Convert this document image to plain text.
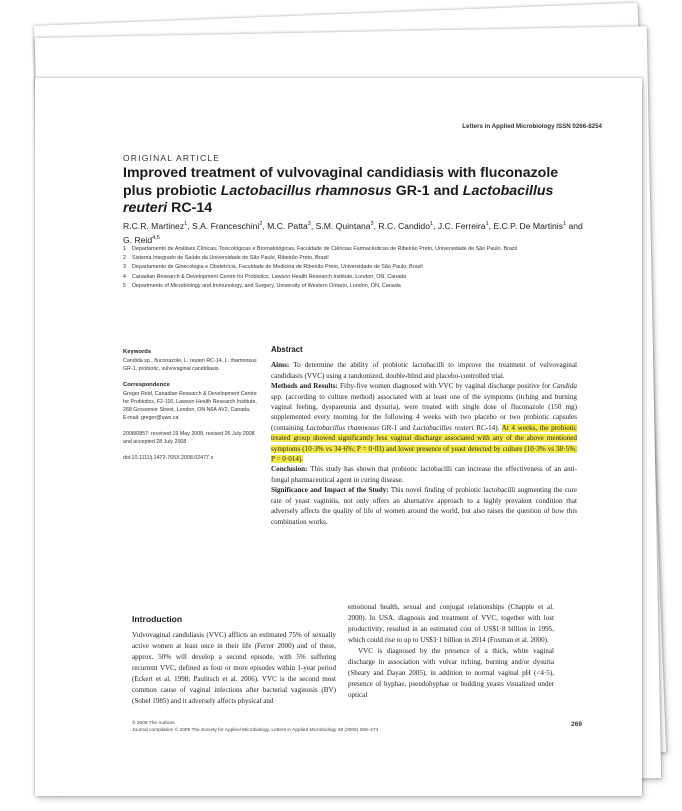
Letters in Applied Microbiology ISSN 0266-8254
ORIGINAL ARTICLE
Improved treatment of vulvovaginal candidiasis with fluconazole plus probiotic Lactobacillus rhamnosus GR-1 and Lactobacillus reuteri RC-14
R.C.R. Martinez$^1$, S.A. Franceschini$^2$, M.C. Patta$^3$, S.M. Quintana$^3$, R.C. Candido$^1$, J.C. Ferreira$^1$, E.C.P. De Martinis$^1$ and G. Reid$^{4,5}$
1	Departamento de Análises Clínicas, Toxicológicas e Bromatológicas, Faculdade de Ciências Farmacêuticas de Ribeirão Preto, Universidade de São Paulo, Brazil
2	Sistema Integrado de Saúde da Universidade de São Paulo, Ribeirão Preto, Brazil
3	Departamento de Ginecologia e Obstetrícia, Faculdade de Medicina de Ribeirão Preto, Universidade de São Paulo, Brazil
4	Canadian Research & Development Centre for Probiotics, Lawson Health Research Institute, London, ON, Canada
5	Departments of Microbiology and Immunology, and Surgery, University of Western Ontario, London, ON, Canada
Keywords

Candida sp., fluconazole, L. reuteri RC-14, L. rhamnosus GR-1, probiotic, vulvovaginal candidiasis.

Correspondence

Gregor Reid, Canadian Research & Development Centre for Probiotics, F2-116, Lawson Health Research Institute, 268 Grosvenor Street, London, ON N6A 4V2, Canada.
E-mail: gregor@uwo.ca

2008/0857: received 19 May 2008, revised 26 July 2008 and accepted 28 July 2008

doi:10.1111/j.1472-765X.2008.02477.x

Abstract

Aims: To determine the ability of probiotic lactobacilli to improve the treatment of vulvovaginal candidiasis (VVC) using a randomized, double-blind and placebo-controlled trial.

Methods and Results: Fifty-five women diagnosed with VVC by vaginal discharge positive for Candida spp. (according to culture method) associated with at least one of the symptoms (itching and burning vaginal feeling, dyspareunia and dysuria), were treated with single dose of fluconazole (150 mg) supplemented every morning for the following 4 weeks with two placebo or two probiotic capsules (containing Lactobacillus rhamnosus GR-1 and Lactobacillus reuteri RC-14). At 4 weeks, the probiotic treated group showed significantly less vaginal discharge associated with any of the above mentioned symptoms (10·3% vs 34·6%; P = 0·03) and lower presence of yeast detected by culture (10·3% vs 38·5%; P = 0·014).

Conclusion: This study has shown that probiotic lactobacilli can increase the effectiveness of an anti-fungal pharmaceutical agent in curing disease.

Significance and Impact of the Study: This novel finding of probiotic lactobacilli augmenting the cure rate of yeast vaginitis, not only offers an alternative approach to a highly prevalent condition that adversely affects the quality of life of women around the world, but also raises the question of how this combination works.

Introduction
Vulvovaginal candidiasis (VVC) afflicts an estimated 75% of sexually active women at least once in their life (Ferrer 2000) and of these, approx. 50% will develop a second episode, with 5% suffering recurrent VVC, defined as four or more episodes within 1-year period (Eckert et al. 1998; Paulitsch et al. 2006). VVC is the second most common cause of vaginal infections after bacterial vaginosis (BV) (Sobel 1985) and it adversely affects physical and
emotional health, sexual and conjugal relationships (Chapple et al. 2000). In USA, diagnosis and treatment of VVC, together with lost productivity, resulted in an estimated cost of US$1·8 billion in 1995, which could rise to up to US$3·1 billion in 2014 (Foxman et al. 2000).
VVC is diagnosed by the presence of a thick, white vaginal discharge in association with vulvar itching, burning and/or dysuria (Sheary and Dayan 2005), in addition to normal vaginal pH (<4·5), presence of hyphae, pseudohyphae or budding yeasts visualized under optical
© 2009 The Authors
Journal compilation © 2009 The Society for Applied Microbiology, Letters in Applied Microbiology 48 (2009) 269–274
269
